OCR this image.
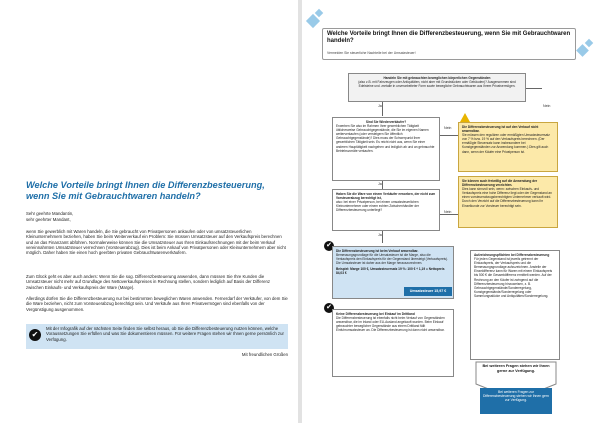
Welche Vorteile bringt Ihnen die Differenzbesteuerung, wenn Sie mit Gebrauchtwaren handeln?
Sehr geehrte Mandantin,
sehr geehrter Mandant,
wenn Sie gewerblich mit Waren handeln, die Sie gebraucht von Privatpersonen ankaufen oder von umsatzsteuerlichen Kleinunternehmern beziehen, haben Sie beim Weiterverkauf ein Problem: Sie müssen Umsatzsteuer auf den Verkaufspreis berechnen und an das Finanzamt abführen. Normalerweise können Sie die Umsatzsteuer aus Ihren Einkaufsrechnungen mit der beim Verkauf vereinnahmten Umsatzsteuer verrechnen (Vorsteuerabzug). Dies ist beim Ankauf von Privatpersonen oder Kleinunternehmern aber nicht möglich. Daher haben Sie einen hoch geerbten privaten Gebrauchtwarenverkäufern.
Zum Glück geht es aber auch anders: Wenn Sie die sog. Differenzbesteuerung anwenden, dann müssen Sie Ihre Kunden die Umsatzsteuer nicht mehr auf Grundlage des Nettoverkaufspreises in Rechnung stellen, sondern lediglich auf Basis der Differenz zwischen Einkaufs- und Verkaufspreis der Ware (Marge).
Allerdings dürfen Sie die Differenzbesteuerung nur bei bestimmten beweglichen Waren anwenden. Fernerdarf der Verkäufer, von dem Sie die Ware beziehen, nicht zum Vorsteuerabzug berechtigt sein. Und Verkäufe aus Ihren Privatvermögen sind ebenfalls von der Vergünstigung ausgenommen.
✔
Mit der Infografik auf der nächsten Seite finden Sie selbst heraus, ob Sie die Differenzbesteuerung nutzen können, welche Voraussetzungen Sie erfüllen und was Sie dokumentieren müssen. Für weitere Fragen stehen wir Ihnen gerne persönlich zur Verfügung.
Mit freundlichen Grüßen
Welche Vorteile bringt Ihnen die Differenzbesteuerung, wenn Sie mit Gebrauchtwaren handeln?
Vermeiden Sie steuerliche Nachteile bei der Umsatzsteuer!
Handeln Sie mit gebrauchten beweglichen körperlichen Gegenständen
(also z.B. mit Fahrzeugen oder Antiquitäten, nicht aber mit Grundstücken oder Gebäuden)? Ausgenommen sind Edelsteine und -metalle in unverarbeiteter Form sowie bewegliche Gebrauchtwaren aus Ihrem Privatvermögen.
Ja	Nein
Sind Sie Wiederverkäufer?
Erwerben Sie also im Rahmen Ihrer gewerblichen Tätigkeit üblicherweise Gebrauchtgegenstände, die Sie im eigenen Namen weiterverkaufen (oder versteigern Sie öffentlich Gebrauchtgegenstände)? Dies muss der Schwerpunkt Ihrer gewerblichen Tätigkeit sein. Es reicht nicht aus, wenn Sie einer anderen Hauptätigkeit nachgehen und lediglich ab und an gebrauchte Betriebsvorräte verkaufen.
Nein
Ja
Die Differenzbesteuerung ist auf den Verkauf nicht anwendbar.
Sie müssen den regulären oder ermäßigten Umsatzsteuersatz von 7 % bzw. 19 % auf den Verkaufspreis berechnen. (Der ermäßigte Steuersatz kann insbesondere bei Kunstgegenständen zur Anwendung kommen.) Dies gilt auch dann, wenn der Käufer eine Privatperson ist.
Sie können auch freiwillig auf die Anwendung der Differenzbesteuerung verzichten.
Dies kann sinnvoll sein, wenn: zwischen Einkaufs- und Verkaufspreis eine hohe Differenz liegt oder der Gegenstand an einen vorsteuerabzugsberechtigten Unternehmer verkauft wird. Durch den Verzicht auf die Differenzbesteuerung kann Ihr Einzelkunde zur Vorsteuer berechtigt sein.
Haben Sie die Ware von einem Verkäufer erworben, der nicht zum Vorsteuerabzug berechtigt ist,
also: bei einer Privatperson, bei einem umsatzsteuerlichen Kleinunternehmer oder einem echten Zwischenhändler der Differenzbesteuerung unterliegt?	Nein
Ja
✔
Die Differenzbesteuerung ist beim Verkauf anwendbar.
Bemessungsgrundlage für die Umsatzsteuer ist die Marge, also die Verkaufspreis den Einkaufspreis für der Gegenstand übersteigt (Verkaufspreis). Die Umsatzsteuer ist daher aus der Marge herauszurechnen.
Beispiel: Marge 100 €, Umsatzsteuersatz 19 %: 100 € ÷ 1,19 = Nettopreis 84,03 €
Umsatzsteuer 15,97 €
✔
Keine Differenzbesteuerung bei Einkauf im Drittland
Die Differenzbesteuerung ist ebenfalls nicht beim Verkauf von Gegenständen anwendbar, die im Inland oder EU-Ausland angekauft wurden. Beim Einkauf gebrauchter beweglicher Gegenstände aus einem Drittland fällt Einfuhrumsatzsteuer an. Die Differenzbesteuerung ist dann nicht anwendbar.
Aufzeichnungspflichten bei Differenzbesteuerung
Für jeden Gegenstand ist jeweils getrennt der Einkaufspreis, der Verkaufspreis und die Bemessungsgrundlage aufzuzeichnen. Anstelle der Einzeldifferenz kann für Waren mit einem Einkaufspreis bis 500 € die Gesamtdifferenz ermittelt werden. Auf der Rechnung an den Käufer ist zwingend auf die Differenzbesteuerung hinzuweisen, z. B. Gebrauchtgegenstände/Sonderregelung, Kunstgegenstände/Sonderregelung oder Sammlungsstücke und Antiquitäten/Sonderregelung.
Bei weiteren Fragen stehen wir Ihnen gerne zur Verfügung.
Bei weiteren Fragen zur Differenzbesteuerung stehen wir Ihnen gern zur Verfügung.
